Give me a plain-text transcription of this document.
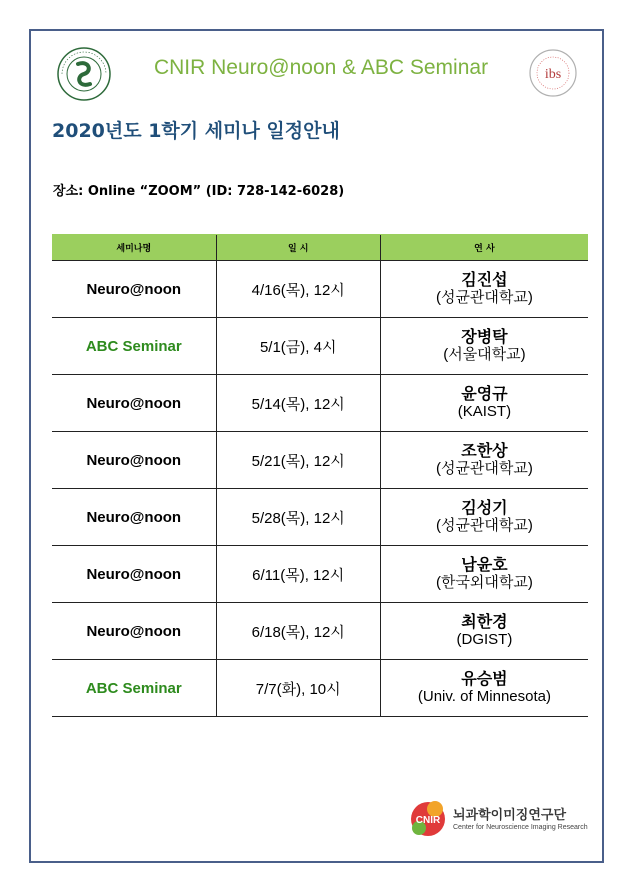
CNIR Neuro@noon & ABC Seminar	ibs
2020년도 1학기 세미나 일정안내
장소: Online “ZOOM” (ID: 728-142-6028)
세미나명	일 시	연 사
Neuro@noon	4/16(목), 12시	김진섭
(성균관대학교)

ABC Seminar	5/1(금), 4시	장병탁
(서울대학교)

Neuro@noon	5/14(목), 12시	윤영규
(KAIST)

Neuro@noon	5/21(목), 12시	조한상
(성균관대학교)

Neuro@noon	5/28(목), 12시	김성기
(성균관대학교)

Neuro@noon	6/11(목), 12시	남윤호
(한국외대학교)

Neuro@noon	6/18(목), 12시	최한경
(DGIST)

ABC Seminar	7/7(화), 10시	유승범
(Univ. of Minnesota)
CNIR 뇌과학이미징연구단
Center for Neuroscience Imaging Research
